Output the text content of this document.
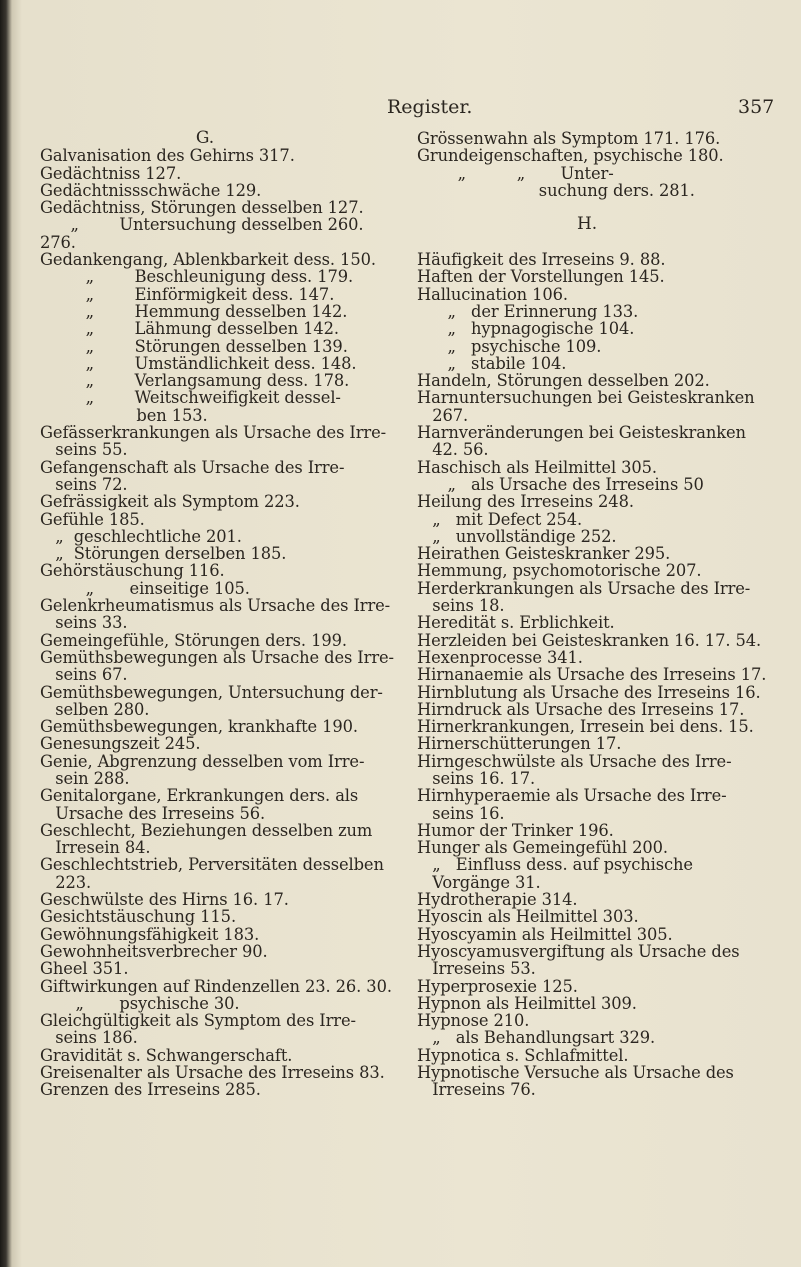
Register.	357
G.
Galvanisation des Gehirns 317.
Gedächtniss 127.
Gedächtnissschwäche 129.
Gedächtniss, Störungen desselben 127.
„        Untersuchung desselben 260.
276.
Gedankengang, Ablenkbarkeit dess. 150.
„        Beschleunigung dess. 179.
„        Einförmigkeit dess. 147.
„        Hemmung desselben 142.
„        Lähmung desselben 142.
„        Störungen desselben 139.
„        Umständlichkeit dess. 148.
„        Verlangsamung dess. 178.
„        Weitschweifigkeit dessel-
ben 153.
Gefässerkrankungen als Ursache des Irre-
seins 55.
Gefangenschaft als Ursache des Irre-
seins 72.
Gefrässigkeit als Symptom 223.
Gefühle 185.
„  geschlechtliche 201.
„  Störungen derselben 185.
Gehörstäuschung 116.
„       einseitige 105.
Gelenkrheumatismus als Ursache des Irre-
seins 33.
Gemeingefühle, Störungen ders. 199.
Gemüthsbewegungen als Ursache des Irre-
seins 67.
Gemüthsbewegungen, Untersuchung der-
selben 280.
Gemüthsbewegungen, krankhafte 190.
Genesungszeit 245.
Genie, Abgrenzung desselben vom Irre-
sein 288.
Genitalorgane, Erkrankungen ders. als
Ursache des Irreseins 56.
Geschlecht, Beziehungen desselben zum
Irresein 84.
Geschlechtstrieb, Perversitäten desselben
223.
Geschwülste des Hirns 16. 17.
Gesichtstäuschung 115.
Gewöhnungsfähigkeit 183.
Gewohnheitsverbrecher 90.
Gheel 351.
Giftwirkungen auf Rindenzellen 23. 26. 30.
„       psychische 30.
Gleichgültigkeit als Symptom des Irre-
seins 186.
Gravidität s. Schwangerschaft.
Greisenalter als Ursache des Irreseins 83.
Grenzen des Irreseins 285.
Grössenwahn als Symptom 171. 176.
Grundeigenschaften, psychische 180.
„          „       Unter-
suchung ders. 281.
H.
Häufigkeit des Irreseins 9. 88.
Haften der Vorstellungen 145.
Hallucination 106.
„   der Erinnerung 133.
„   hypnagogische 104.
„   psychische 109.
„   stabile 104.
Handeln, Störungen desselben 202.
Harnuntersuchungen bei Geisteskranken
267.
Harnveränderungen bei Geisteskranken
42. 56.
Haschisch als Heilmittel 305.
„   als Ursache des Irreseins 50
Heilung des Irreseins 248.
„   mit Defect 254.
„   unvollständige 252.
Heirathen Geisteskranker 295.
Hemmung, psychomotorische 207.
Herderkrankungen als Ursache des Irre-
seins 18.
Heredität s. Erblichkeit.
Herzleiden bei Geisteskranken 16. 17. 54.
Hexenprocesse 341.
Hirnanaemie als Ursache des Irreseins 17.
Hirnblutung als Ursache des Irreseins 16.
Hirndruck als Ursache des Irreseins 17.
Hirnerkrankungen, Irresein bei dens. 15.
Hirnerschütterungen 17.
Hirngeschwülste als Ursache des Irre-
seins 16. 17.
Hirnhyperaemie als Ursache des Irre-
seins 16.
Humor der Trinker 196.
Hunger als Gemeingefühl 200.
„   Einfluss dess. auf psychische
Vorgänge 31.
Hydrotherapie 314.
Hyoscin als Heilmittel 303.
Hyoscyamin als Heilmittel 305.
Hyoscyamusvergiftung als Ursache des
Irreseins 53.
Hyperprosexie 125.
Hypnon als Heilmittel 309.
Hypnose 210.
„   als Behandlungsart 329.
Hypnotica s. Schlafmittel.
Hypnotische Versuche als Ursache des
Irreseins 76.
